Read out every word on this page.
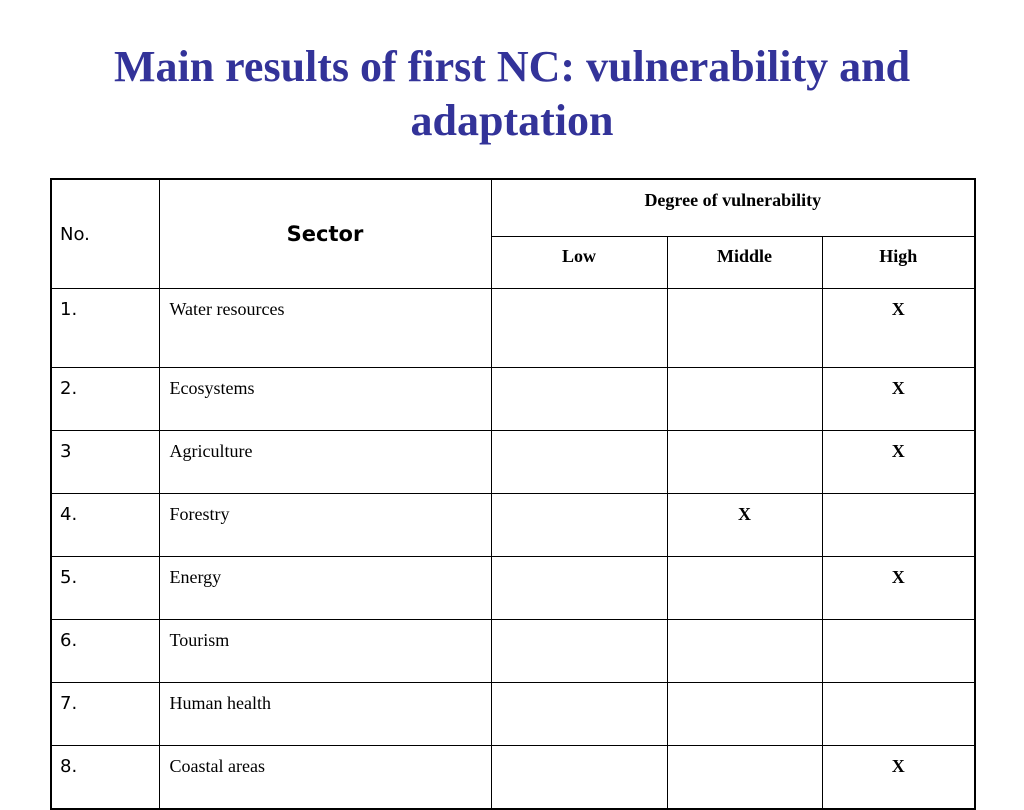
Main results of first NC: vulnerability and
adaptation
No.	Sector	Degree of vulnerability		
		Low	Middle	High
1.	Water resources			X
2.	Ecosystems			X
3	Agriculture			X
4.	Forestry		X	
5.	Energy			X
6.	Tourism			
7.	Human health			
8.	Coastal areas			X
